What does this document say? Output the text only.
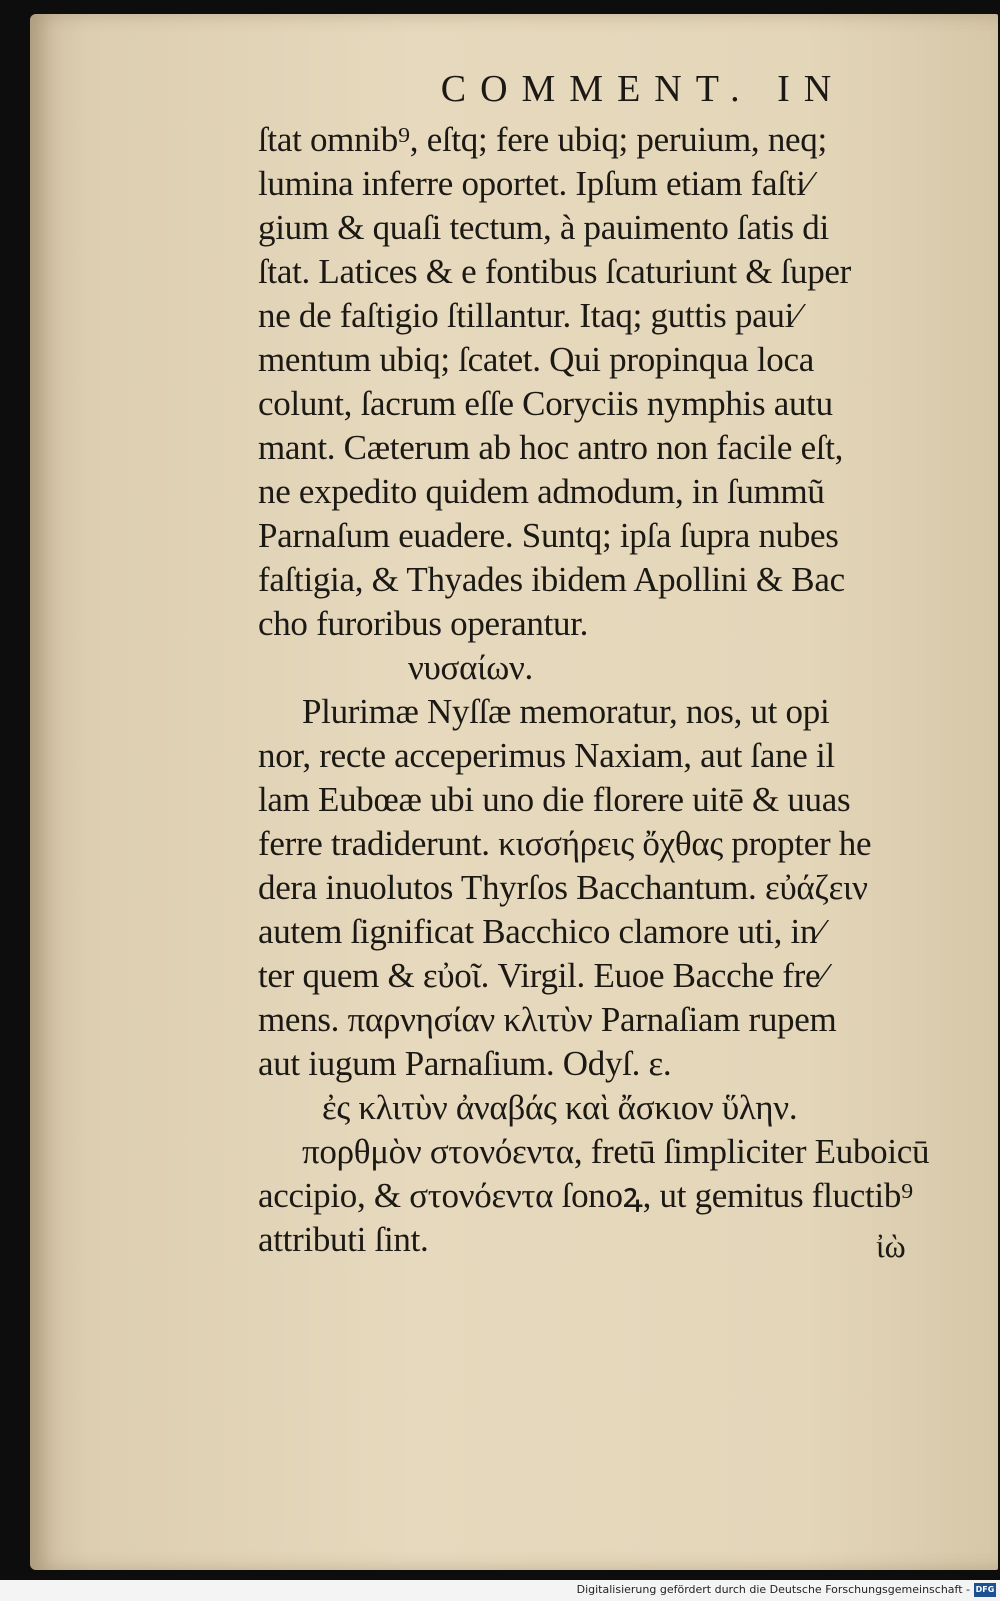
COMMENT. IN
ſtat omnib⁹, eſtq; fere ubiq; peruium, neq;
lumina inferre oportet. Ipſum etiam faſti⁄
gium & quaſi tectum, à pauimento ſatis di
ſtat. Latices & e fontibus ſcaturiunt & ſuper
ne de faſtigio ſtillantur. Itaq; guttis paui⁄
mentum ubiq; ſcatet. Qui propinqua loca
colunt, ſacrum eſſe Coryciis nymphis autu
mant. Cæterum ab hoc antro non facile eſt,
ne expedito quidem admodum, in ſummũ
Parnaſum euadere. Suntq; ipſa ſupra nubes
faſtigia, & Thyades ibidem Apollini & Bac
cho furoribus operantur.
νυσαίων.
Plurimæ Nyſſæ memoratur, nos, ut opi
nor, recte acceperimus Naxiam, aut ſane il
lam Eubœæ ubi uno die florere uitē & uuas
ferre tradiderunt. κισσήρεις ὄχθας propter he
dera inuolutos Thyrſos Bacchantum. εὐάζειν
autem ſignificat Bacchico clamore uti, in⁄
ter quem & εὐοῖ. Virgil. Euoe Bacche fre⁄
mens. παρνησίαν κλιτὺν Parnaſiam rupem
aut iugum Parnaſium. Odyſ. ε.
ἐς κλιτὺν ἀναβάς καὶ ἄσκιον ὕλην.
πορθμὸν στονόεντα, fretū ſimpliciter Euboicū
accipio, & στονόεντα ſonoꝝ, ut gemitus fluctib⁹
attributi ſint.	ἰὼ
Digitalisierung gefördert durch die Deutsche Forschungsgemeinschaft - DFG
